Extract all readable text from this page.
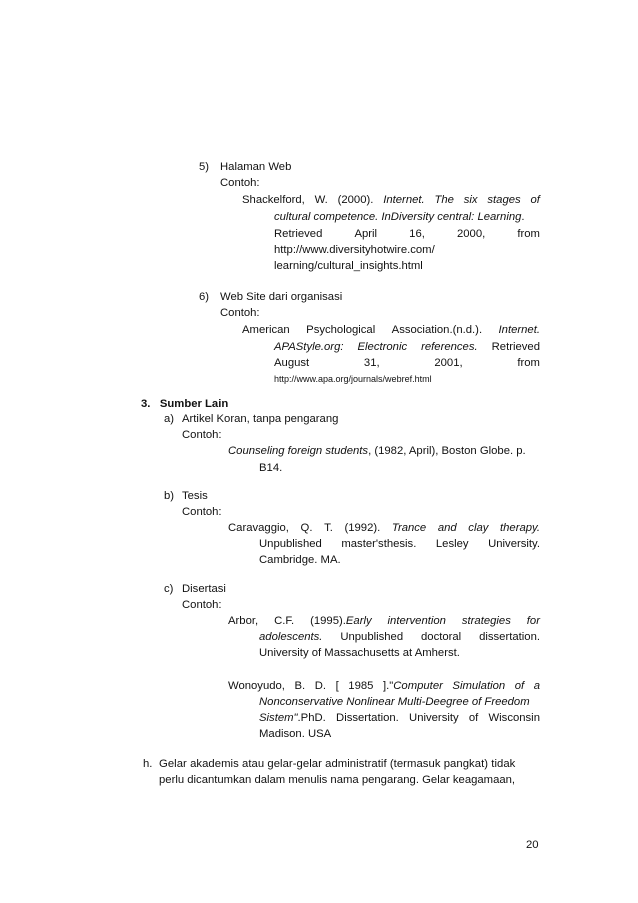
5) Halaman Web
Contoh:
Shackelford, W. (2000). Internet. The six stages of
cultural competence. InDiversity central: Learning.
Retrieved	April	16,	2000,	from
http://www.diversityhotwire.com/
learning/cultural_insights.html
6) Web Site dari organisasi
Contoh:
American Psychological Association.(n.d.). Internet.
APAStyle.org: Electronic references. Retrieved
August	31,	2001,	from
http://www.apa.org/journals/webref.html
3.   Sumber Lain
a) Artikel Koran, tanpa pengarang
Contoh:
Counseling foreign students, (1982, April), Boston Globe. p.
B14.
b) Tesis
Contoh:
Caravaggio, Q. T. (1992). Trance and clay therapy.
Unpublished master'sthesis. Lesley University.
Cambridge. MA.
c) Disertasi
Contoh:
Arbor, C.F. (1995).Early intervention strategies for
adolescents. Unpublished doctoral dissertation.
University of Massachusetts at Amherst.
Wonoyudo, B. D. [ 1985 ]."Computer Simulation of a
Nonconservative Nonlinear Multi-Deegree of Freedom
Sistem".PhD. Dissertation. University of Wisconsin
Madison. USA
h. Gelar akademis atau gelar-gelar administratif (termasuk pangkat) tidak
perlu dicantumkan dalam menulis nama pengarang. Gelar keagamaan,
20
